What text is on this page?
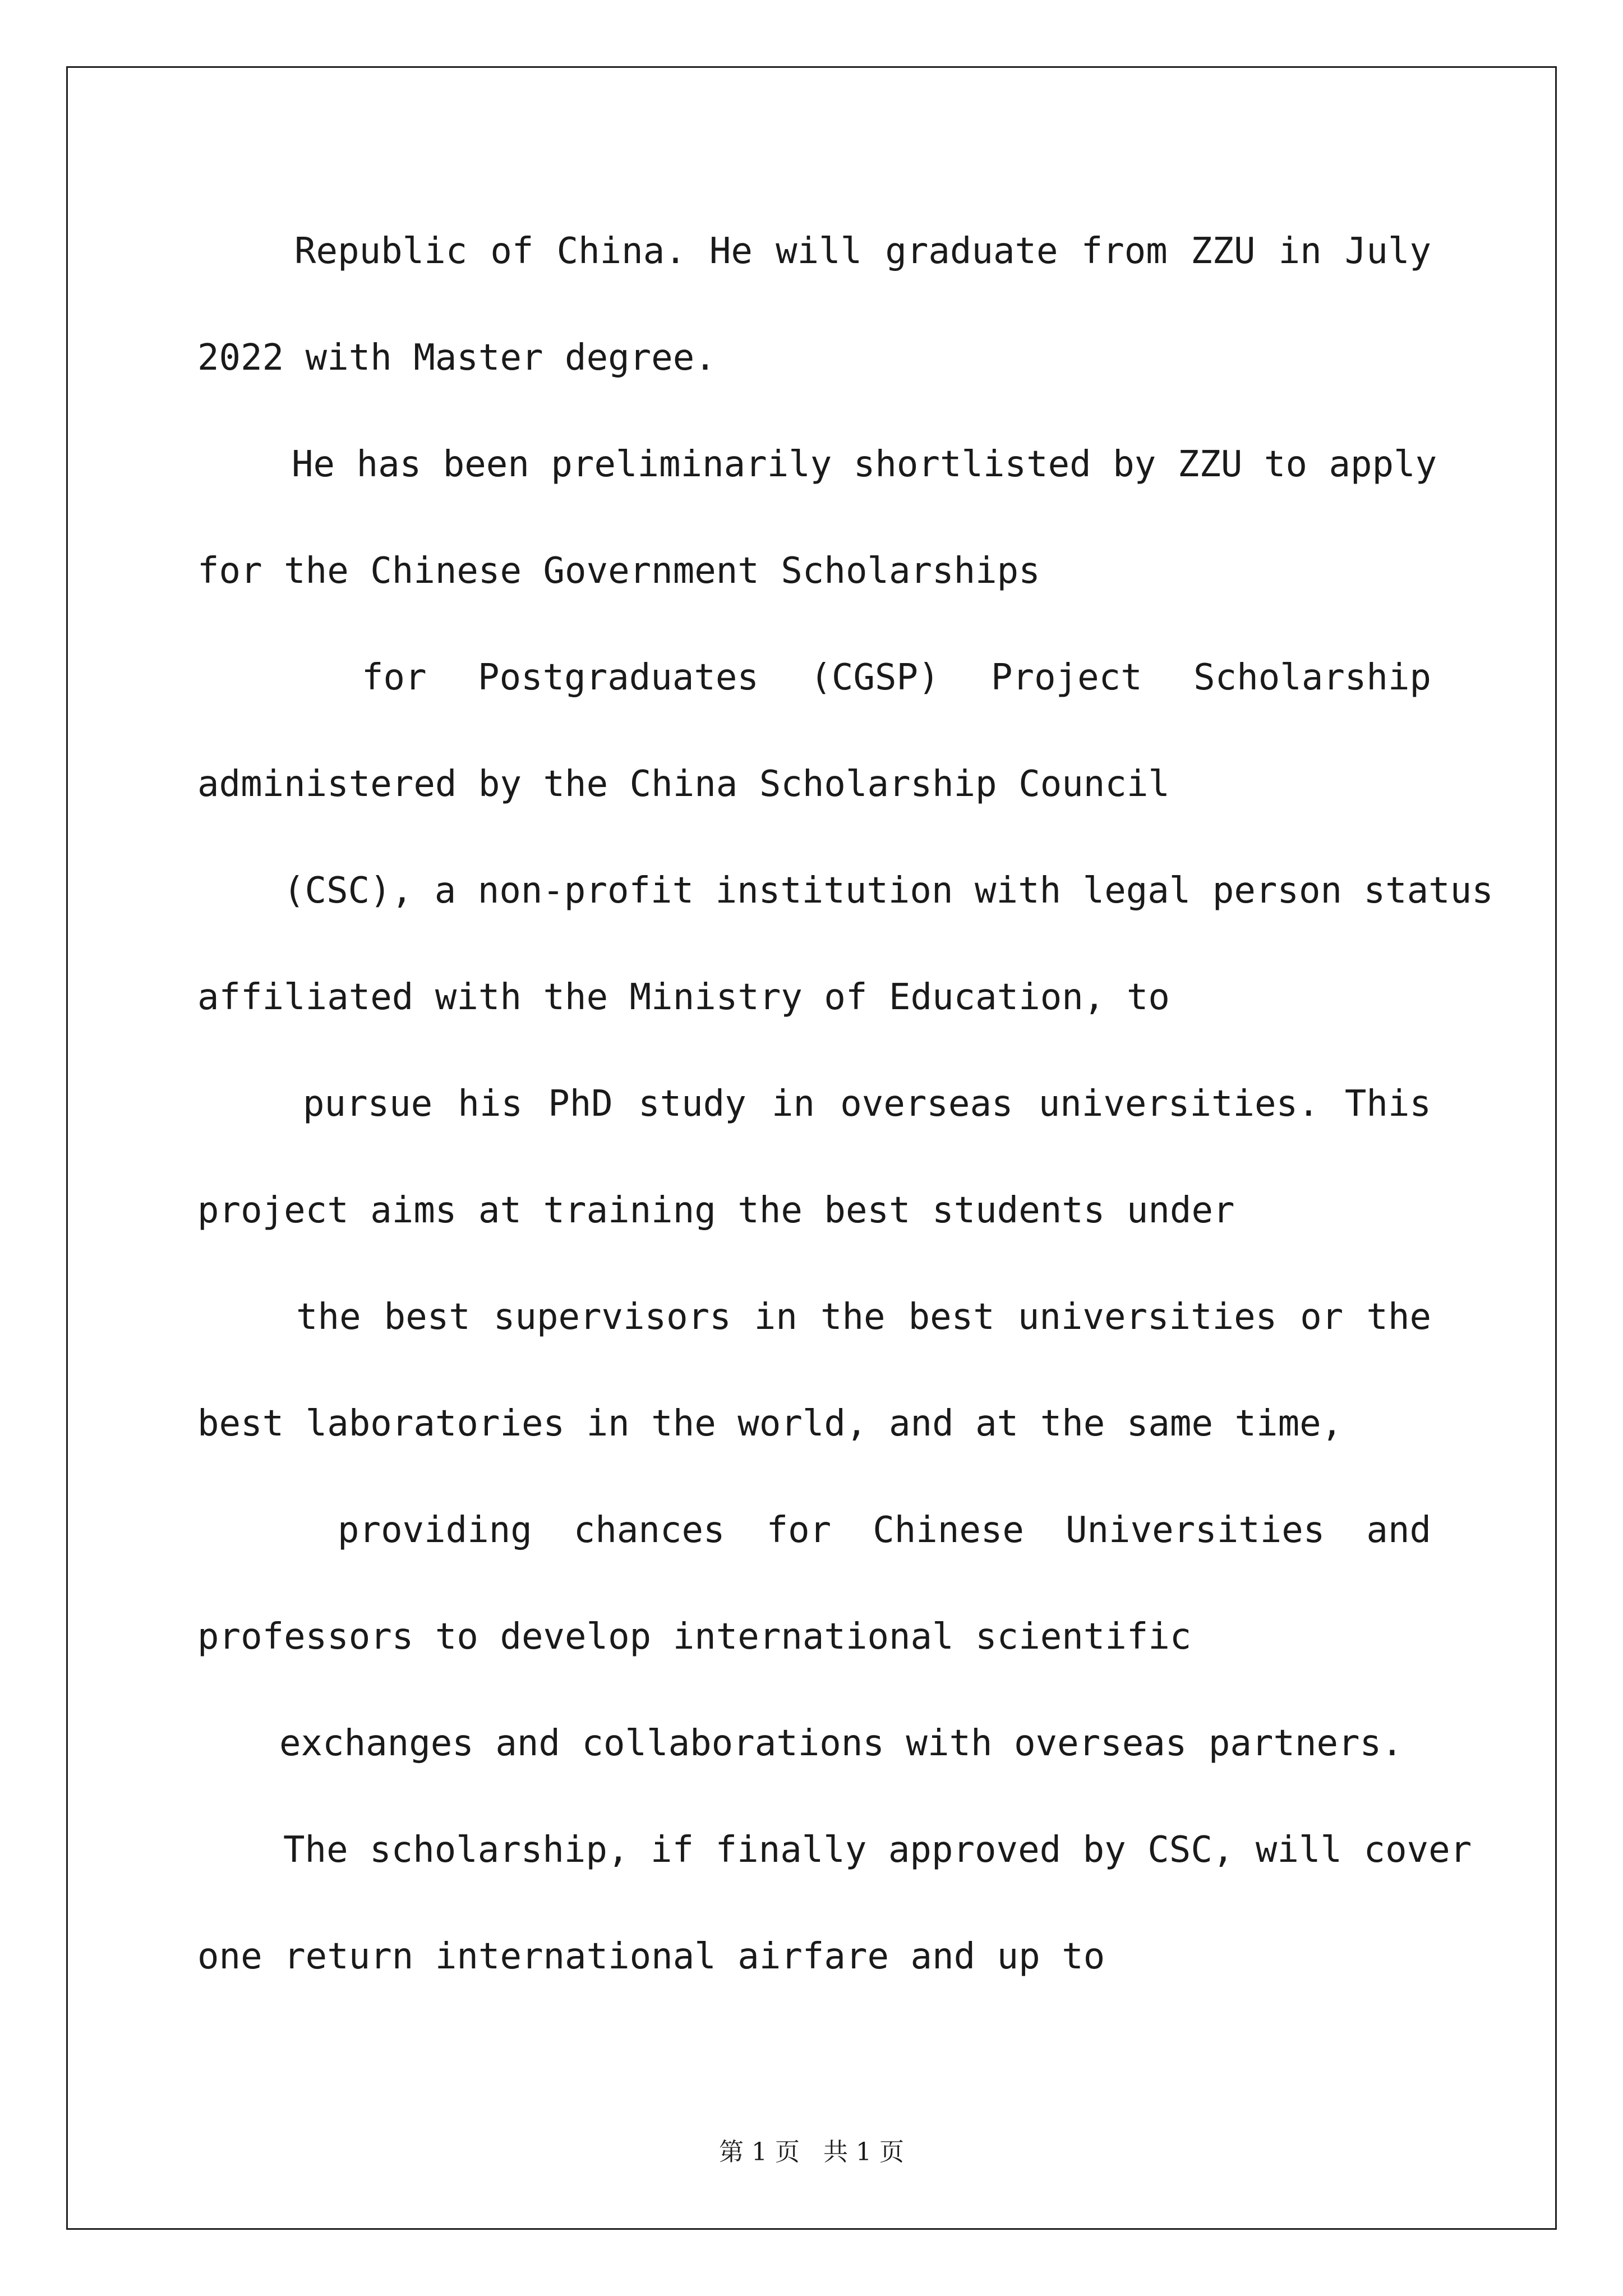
Republic of China. He will graduate from ZZU in July
2022 with Master degree.
He has been preliminarily shortlisted by ZZU to apply
for the Chinese Government Scholarships
for Postgraduates (CGSP) Project Scholarship
administered by the China Scholarship Council
(CSC), a non-profit institution with legal person status
affiliated with the Ministry of Education, to
pursue his PhD study in overseas universities. This
project aims at training the best students under
the best supervisors in the best universities or the
best laboratories in the world, and at the same time,
providing chances for Chinese Universities and
professors to develop international scientific
exchanges and collaborations with overseas partners.
The scholarship, if finally approved by CSC, will cover
one return international airfare and up to
第 1 页   共 1 页
